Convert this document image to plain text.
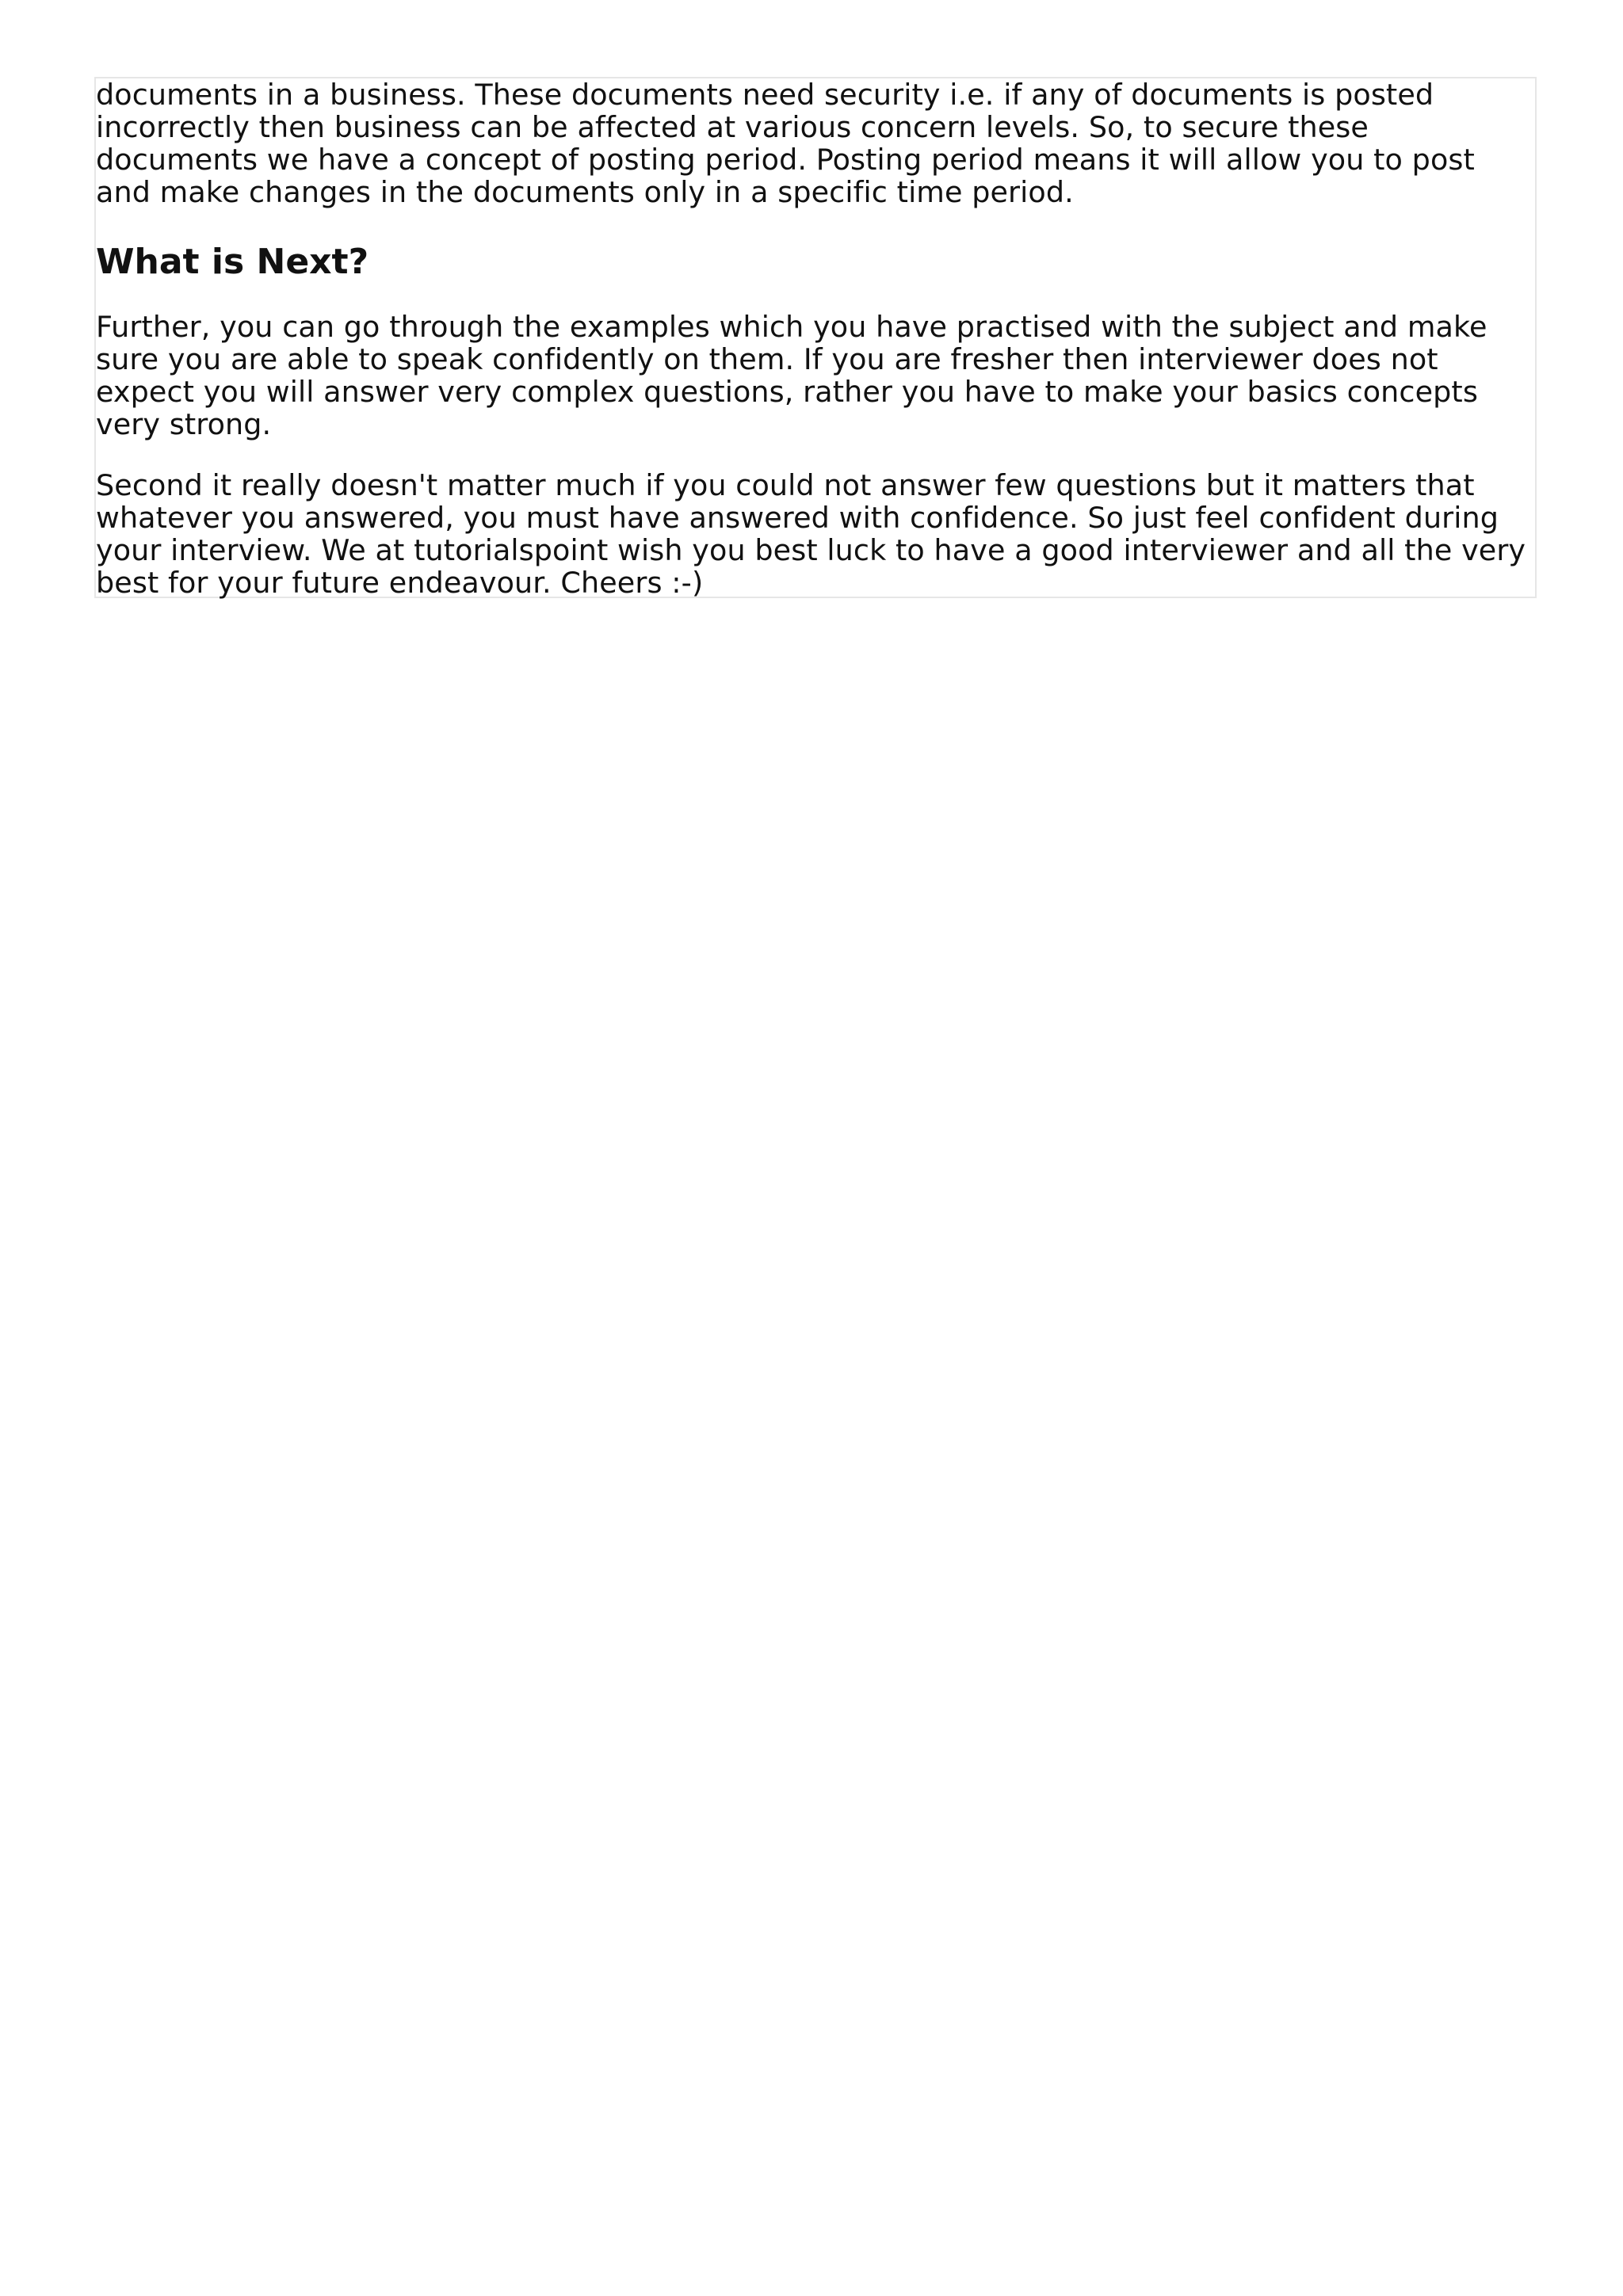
documents in a business. These documents need security i.e. if any of documents is posted incorrectly then business can be affected at various concern levels. So, to secure these documents we have a concept of posting period. Posting period means it will allow you to post and make changes in the documents only in a specific time period.

What is Next?

Further, you can go through the examples which you have practised with the subject and make sure you are able to speak confidently on them. If you are fresher then interviewer does not expect you will answer very complex questions, rather you have to make your basics concepts very strong.

Second it really doesn't matter much if you could not answer few questions but it matters that whatever you answered, you must have answered with confidence. So just feel confident during your interview. We at tutorialspoint wish you best luck to have a good interviewer and all the very best for your future endeavour. Cheers :-)
